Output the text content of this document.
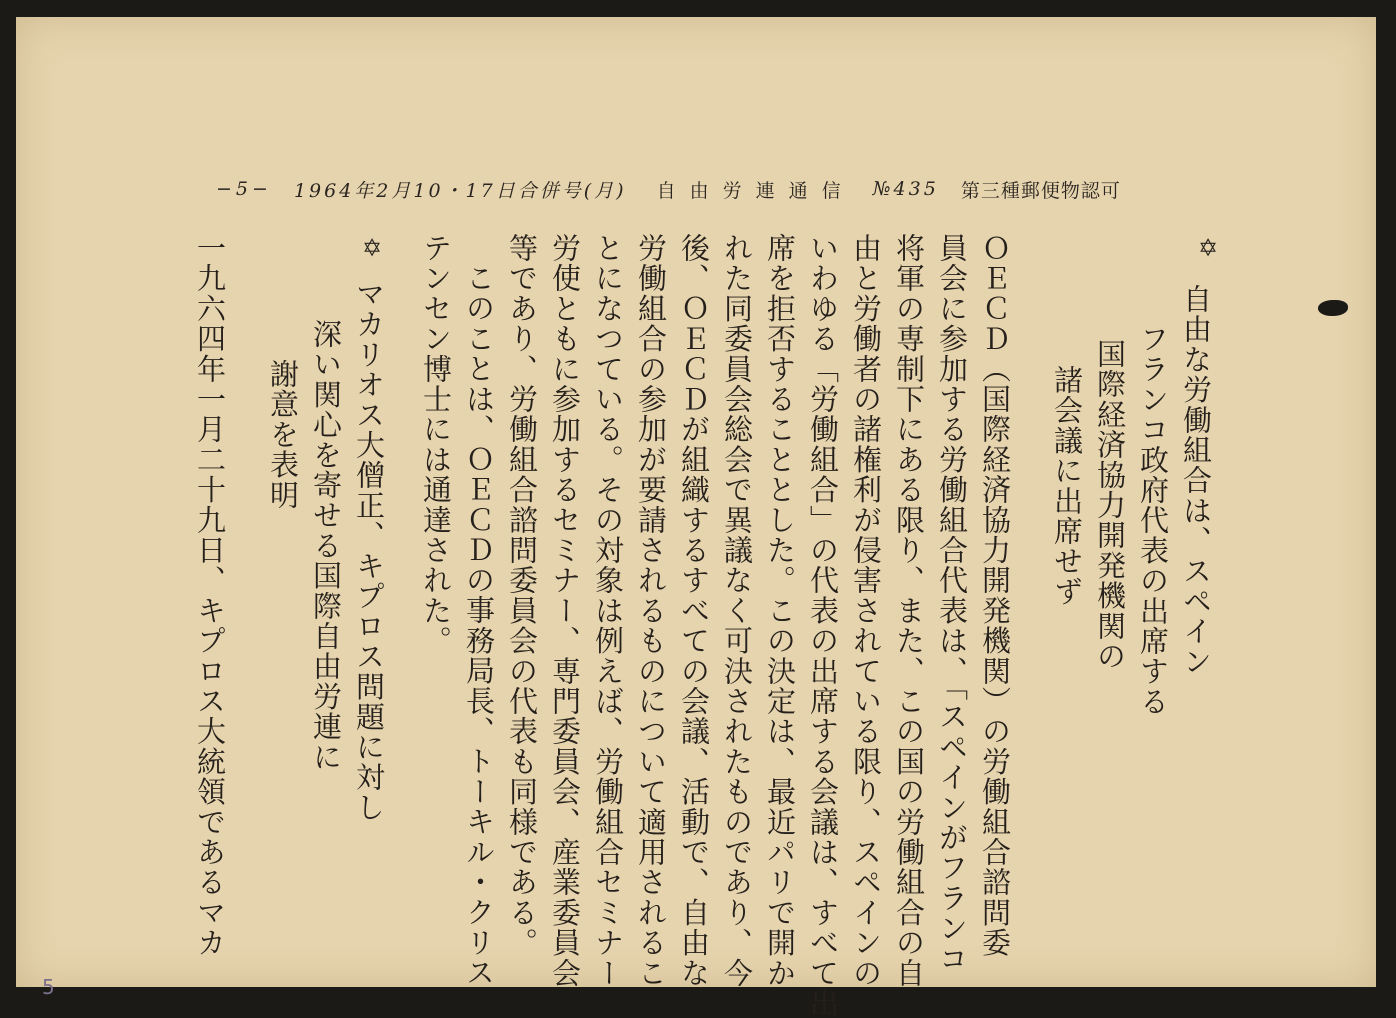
−5− 1964年2月10・17日合併号(月) 自由労連通信 №435 第三種郵便物認可
✡
自由な労働組合は、スペイン
フランコ政府代表の出席する
国際経済協力開発機関の
諸会議に出席せず
ＯＥＣＤ（国際経済協力開発機関）の労働組合諮問委
員会に参加する労働組合代表は、「スペインがフランコ
将軍の専制下にある限り、また、この国の労働組合の自
由と労働者の諸権利が侵害されている限り、スペインの
いわゆる「労働組合」の代表の出席する会議は、すべて出
席を拒否することとした。この決定は、最近パリで開か
れた同委員会総会で異議なく可決されたものであり、今
後、ＯＥＣＤが組織するすべての会議、活動で、自由な
労働組合の参加が要請されるものについて適用されるこ
とになつている。その対象は例えば、労働組合セミナー
労使ともに参加するセミナー、専門委員会、産業委員会
等であり、労働組合諮問委員会の代表も同様である。
このことは、ＯＥＣＤの事務局長、トーキル・クリス
テンセン博士には通達された。
✡
マカリオス大僧正、キプロス問題に対し
深い関心を寄せる国際自由労連に
謝意を表明
一九六四年一月二十九日、キプロス大統領であるマカ
5
